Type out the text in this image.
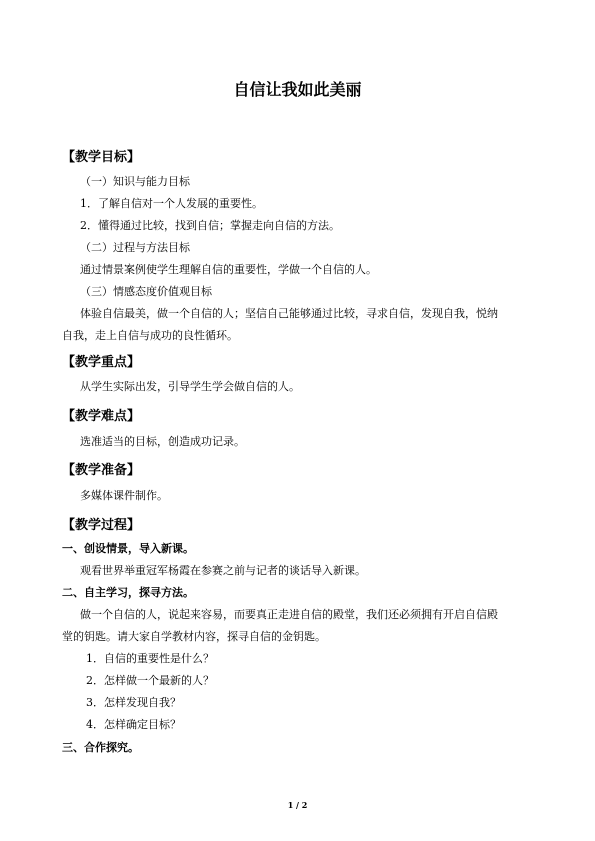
自信让我如此美丽
【教学目标】
（一）知识与能力目标
1．了解自信对一个人发展的重要性。
2．懂得通过比较，找到自信；掌握走向自信的方法。
（二）过程与方法目标
通过情景案例使学生理解自信的重要性，学做一个自信的人。
（三）情感态度价值观目标
体验自信最美，做一个自信的人；坚信自己能够通过比较，寻求自信，发现自我，悦纳
自我，走上自信与成功的良性循环。
【教学重点】
从学生实际出发，引导学生学会做自信的人。
【教学难点】
选准适当的目标，创造成功记录。
【教学准备】
多媒体课件制作。
【教学过程】
一、创设情景，导入新课。
观看世界举重冠军杨霞在参赛之前与记者的谈话导入新课。
二、自主学习，探寻方法。
做一个自信的人，说起来容易，而要真正走进自信的殿堂，我们还必须拥有开启自信殿
堂的钥匙。请大家自学教材内容，探寻自信的金钥匙。
1．自信的重要性是什么？
2．怎样做一个最新的人？
3．怎样发现自我？
4．怎样确定目标？
三、合作探究。
1 / 2
